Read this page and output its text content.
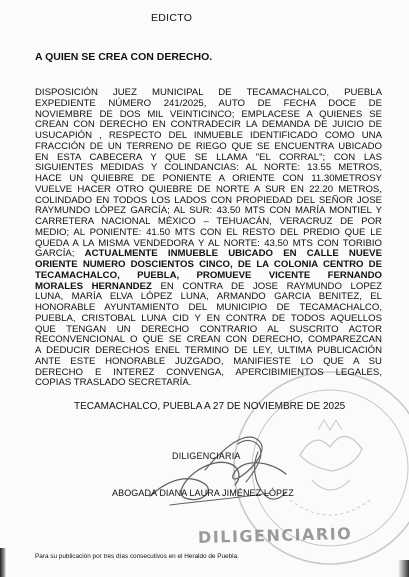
EDICTO
A QUIEN SE CREA CON DERECHO.
DISPOSICIÓN JUEZ MUNICIPAL DE TECAMACHALCO, PUEBLA
EXPEDIENTE NÚMERO 241/2025, AUTO DE FECHA DOCE DE
NOVIEMBRE DE DOS MIL VEINTICINCO; EMPLACESE A QUIENES SE
CREAN CON DERECHO EN CONTRADECIR LA DEMANDA DE JUICIO DE
USUCAPIÓN , RESPECTO DEL INMUEBLE IDENTIFICADO COMO UNA
FRACCIÓN DE UN TERRENO DE RIEGO QUE SE ENCUENTRA UBICADO
EN ESTA CABECERA Y QUE SE LLAMA "EL CORRAL"; CON LAS
SIGUIENTES MEDIDAS Y COLINDANCIAS: AL NORTE: 13.55 METROS,
HACE UN QUIEBRE DE PONIENTE A ORIENTE CON 11.30METROSY
VUELVE HACER OTRO QUIEBRE DE NORTE A SUR EN 22.20 METROS,
COLINDADO EN TODOS LOS LADOS CON PROPIEDAD DEL SEÑOR JOSE
RAYMUNDO LÓPEZ GARCÍA; AL SUR: 43.50 MTS CON MARÍA MONTIEL Y
CARRETERA NACIONAL MÉXICO – TEHUACÁN, VERACRUZ DE POR
MEDIO; AL PONIENTE: 41.50 MTS CON EL RESTO DEL PREDIO QUE LE
QUEDA A LA MISMA VENDEDORA Y AL NORTE: 43.50 MTS CON TORIBIO
GARCÍA; ACTUALMENTE INMUEBLE UBICADO EN CALLE NUEVE
ORIENTE NUMERO DOSCIENTOS CINCO, DE LA COLONIA CENTRO DE
TECAMACHALCO, PUEBLA, PROMUEVE VICENTE FERNANDO
MORALES HERNANDEZ EN CONTRA DE JOSE RAYMUNDO LOPEZ
LUNA, MARÍA ELVA LÓPEZ LUNA, ARMANDO GARCIA BENITEZ, EL
HONORABLE AYUNTAMIENTO DEL MUNICIPIO DE TECAMACHALCO,
PUEBLA, CRISTOBAL LUNA CID Y EN CONTRA DE TODOS AQUELLOS
QUE TENGAN UN DERECHO CONTRARIO AL SUSCRITO ACTOR
RECONVENCIONAL O QUE SE CREAN CON DERECHO, COMPAREZCAN
A DEDUCIR DERECHOS ENEL TERMINO DE LEY, ULTIMA PUBLICACIÓN
ANTE ESTE HONORABLE JUZGADO, MANIFIESTE LO QUE A SU
DERECHO E INTEREZ CONVENGA, APERCIBIMIENTOS LEGALES,
COPIAS TRASLADO SECRETARÍA.
TECAMACHALCO, PUEBLA A 27 DE NOVIEMBRE DE 2025
DILIGENCIARIA
ABOGADA DIANA LAURA JIMÉNEZ LÓPEZ
DILIGENCIARIO
Para su publicación por tres días consecutivos en el Heraldo de Puebla.
